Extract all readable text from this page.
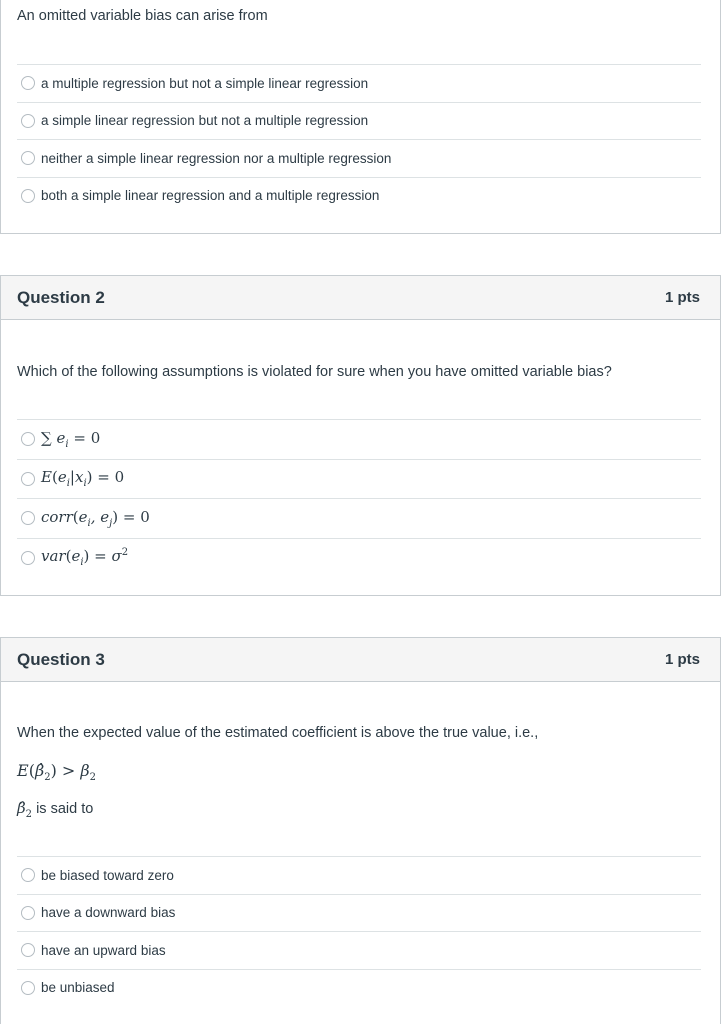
An omitted variable bias can arise from
a multiple regression but not a simple linear regression
a simple linear regression but not a multiple regression
neither a simple linear regression nor a multiple regression
both a simple linear regression and a multiple regression
Question 2	1 pts
Which of the following assumptions is violated for sure when you have omitted variable bias?
∑ $e_i = 0$
$E(e_i|x_i) = 0$
$corr(e_i$, $e_j) = 0$
$var(e_i) = \sigma^2$
Question 3	1 pts
When the expected value of the estimated coefficient is above the true value, i.e.,
$E(\betâ_2) > \beta_2$
$\betâ_2$ is said to
be biased toward zero
have a downward bias
have an upward bias
be unbiased
